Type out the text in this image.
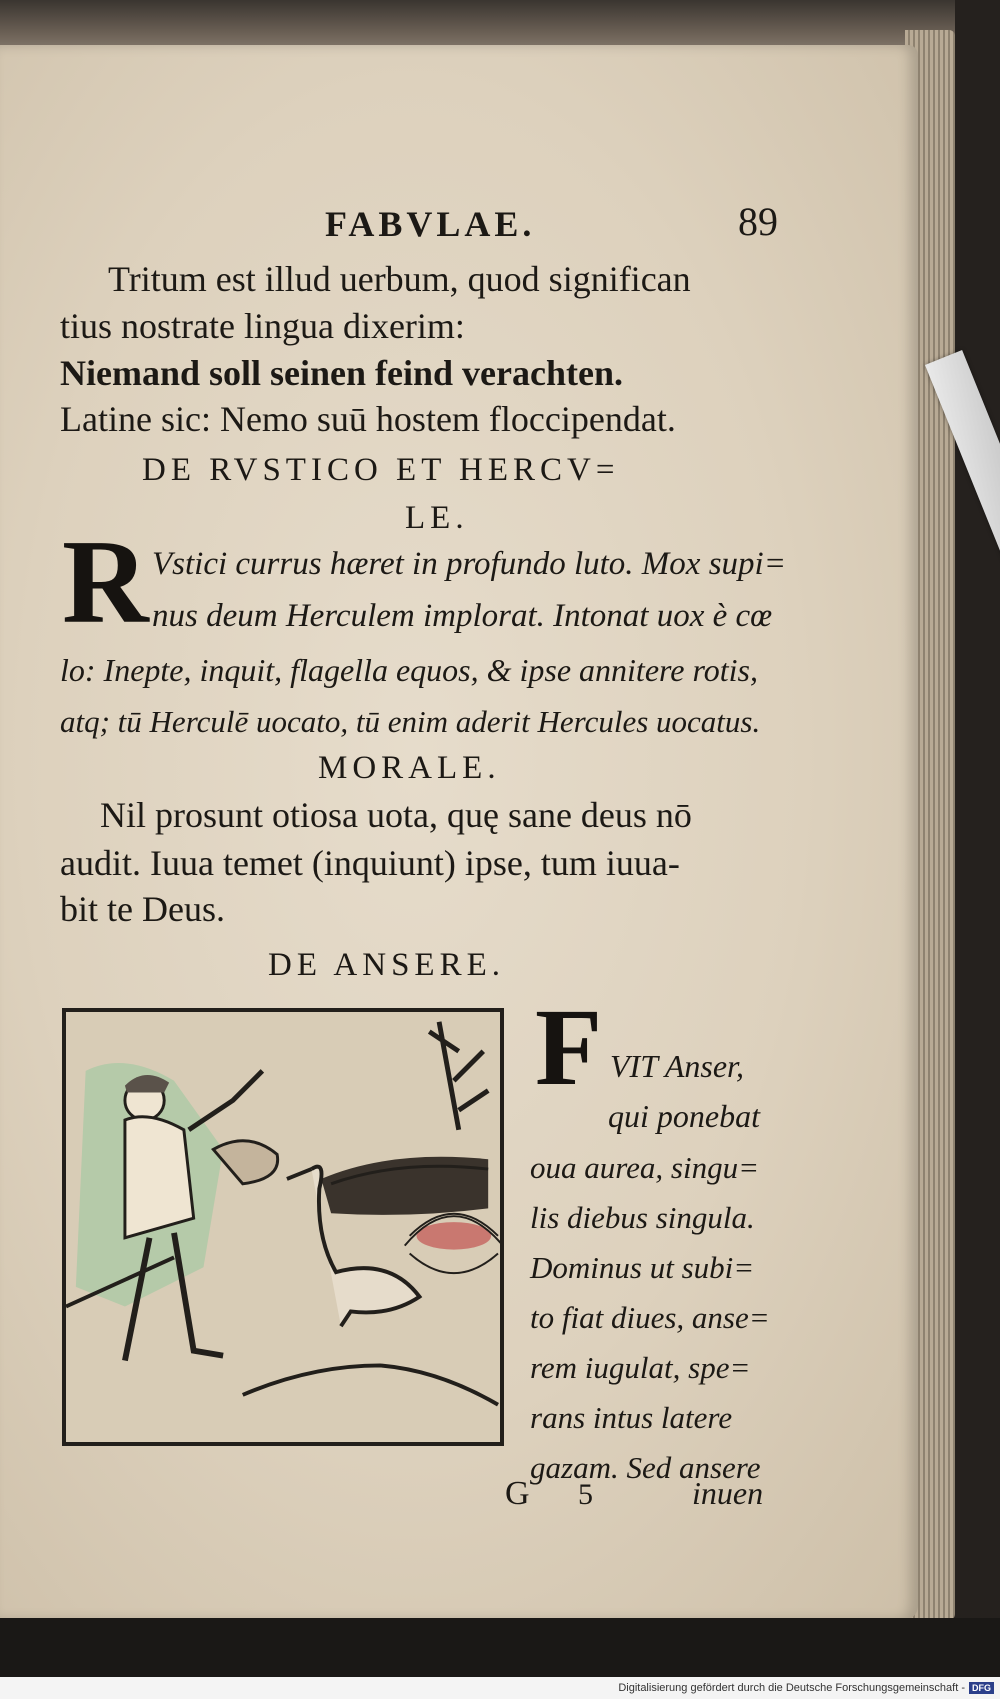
FABVLAE.	89
Tritum est illud uerbum, quod significan
tius nostrate lingua dixerim:
Niemand soll seinen feind verachten.
Latine sic: Nemo suū hostem floccipendat.
DE RVSTICO ET HERCV=
LE.
R Vstici currus hæret in profundo luto. Mox supi=
nus deum Herculem implorat. Intonat uox è cœ
lo: Inepte, inquit, flagella equos, & ipse annitere rotis,
atq; tū Herculē uocato, tū enim aderit Hercules uocatus.
MORALE.
Nil prosunt otiosa uota, quę sane deus nō
audit. Iuua temet (inquiunt) ipse, tum iuua-
bit te Deus.
DE ANSERE.
F VIT Anser,
qui ponebat
oua aurea, singu=
lis diebus singula.
Dominus ut subi=
to fiat diues, anse=
rem iugulat, spe=
rans intus latere
gazam. Sed ansere
G 5	inuen
Digitalisierung gefördert durch die Deutsche Forschungsgemeinschaft - DFG
